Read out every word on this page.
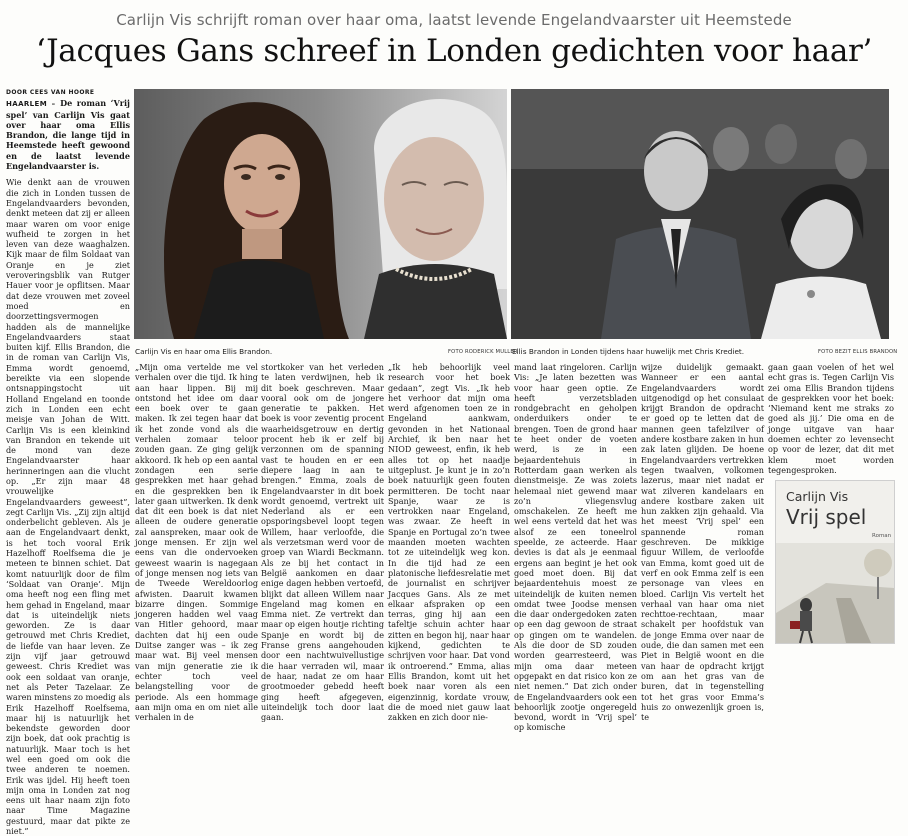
Carlijn Vis schrijft roman over haar oma, laatst levende Engelandvaarster uit Heemstede
‘Jacques Gans schreef in Londen gedichten voor haar’
DOOR CEES VAN HOORE

HAARLEM – De roman ‘Vrij spel’ van Carlijn Vis gaat over haar oma Ellis Brandon, die lange tijd in Heemstede heeft gewoond en de laatst levende Engelandvaarster is.

Wie denkt aan de vrouwen die zich in Londen tussen de Engelandvaarders bevonden, denkt meteen dat zij er alleen maar waren om voor enige wufheid te zorgen in het leven van deze waaghalzen. Kijk maar de film Soldaat van Oranje en je ziet veroveringsblik van Rutger Hauer voor je opflitsen. Maar dat deze vrouwen met zoveel moed en doorzettingsvermogen hadden als de mannelijke Engelandvaarders staat buiten kijf. Ellis Brandon, die in de roman van Carlijn Vis, Emma wordt genoemd, bereikte via een slopende ontsnappingstocht uit Holland Engeland en toonde zich in Londen een echt meisje van Johan de Witt. Carlijn Vis is een kleinkind van Brandon en tekende uit de mond van deze Engelandvaarster haar herinneringen aan die vlucht op. „Er zijn maar 48 vrouwelijke Engelandvaarders geweest”, zegt Carlijn Vis. „Zij zijn altijd onderbelicht gebleven. Als je aan de Engelandvaart denkt, is het toch vooral Erik Hazelhoff Roelfsema die je meteen te binnen schiet. Dat komt natuurlijk door de film ‘Soldaat van Oranje’. Mijn oma heeft nog een fling met hem gehad in Engeland, maar dat is uiteindelijk niets geworden. Ze is daar getrouwd met Chris Krediet, de liefde van haar leven. Ze zijn vijf jaar getrouwd geweest. Chris Krediet was ook een soldaat van oranje, net als Peter Tazelaar. Ze waren minstens zo moedig als Erik Hazelhoff Roelfsema, maar hij is natuurlijk het bekendste geworden door zijn boek, dat ook prachtig is natuurlijk. Maar toch is het wel een goed om ook die twee anderen te noemen. Erik was ijdel. Hij heeft toen mijn oma in Londen zat nog eens uit haar naam zijn foto naar Time Magazine gestuurd, maar dat pikte ze niet.”

Carlijn Vis en haar oma Ellis Brandon.	FOTO RODERICK MULLER
Ellis Brandon in Londen tijdens haar huwelijk met Chris Krediet.	FOTO BEZIT ELLIS BRANDON

„Mijn oma vertelde me vel verhalen over die tijd. Ik hing aan haar lippen. Bij mij ontstond het idee om daar een boek over te gaan maken. Ik zei tegen haar dat ik het zonde vond als die verhalen zomaar teloor zouden gaan. Ze ging gelijk akkoord. Ik heb op een aantal zondagen een serie gesprekken met haar gehad en die gesprekken ben ik later gaan uitwerken. Ik denk dat dit een boek is dat niet alleen de oudere generatie zal aanspreken, maar ook de jonge mensen. Er zijn wel eens van die ondervoeken geweest waarin is nagegaan of jonge mensen nog iets van de Tweede Wereldoorlog afwisten. Daaruit kwamen bizarre dingen. Sommige jongeren hadden wel vaag van Hitler gehoord, maar dachten dat hij een oude Duitse zanger was – ik zeg maar wat. Bij veel mensen van mijn generatie zie ik echter toch veel belangstelling voor de periode. Als een hommage aan mijn oma en om niet alle verhalen in de

stortkoker van het verleden te laten verdwijnen, heb ik dit boek geschreven. Maar vooral ook om de jongere generatie te pakken. Het boek is voor zeventig procent waarheidsgetrouw en dertig procent heb ik er zelf bij verzonnen om de spanning vast te houden en er een diepere laag in aan te brengen.” Emma, zoals de Engelandvaarster in dit boek wordt genoemd, vertrekt uit Nederland als er een opsporingsbevel loopt tegen Willem, haar verloofde, die als verzetsman werd voor de groep van Wiardi Beckmann. Als ze bij het contact in België aankomen en daar enige dagen hebben vertoefd, blijkt dat alleen Willem naar Engeland mag komen en Emma niet. Ze vertrekt dan maar op eigen houtje richting Spanje en wordt bij de Franse grens aangehouden door een nachtwuivellustige die haar verraden wil, maar de haar, nadat ze om haar grootmoeder gebedd heeft ging heeft afgegeven, uiteindelijk toch door laat gaan.

„Ik heb behoorlijk veel research voor het boek gedaan”, zegt Vis. „Ik heb het verhoor dat mijn oma werd afgenomen toen ze in Engeland aankwam, gevonden in het Nationaal Archief, ik ben naar het NIOD geweest, enfin, ik heb alles tot op het naadje uitgeplust. Je kunt je in zo’n boek natuurlijk geen fouten permitteren. De tocht naar Spanje, waar ze is vertrokken naar Engeland, was zwaar. Ze heeft in Spanje en Portugal zo’n twee maanden moeten wachten tot ze uiteindelijk weg kon. In die tijd had ze een platonische liefdesrelatie met de journalist en schrijver Jacques Gans. Als ze met elkaar afspraken op een terras, ging hij aan een tafeltje schuin achter haar zitten en begon hij, naar haar kijkend, gedichten te schrijven voor haar. Dat vond ik ontroerend.” Emma, alias Ellis Brandon, komt uit het boek naar voren als een eigenzinnig, kordate vrouw, die de moed niet gauw laat zakken en zich door nie-

mand laat ringeloren. Carlijn Vis: „Je laten bezetten was voor haar geen optie. Ze heeft verzetsbladen rondgebracht en geholpen onderduikers onder te brengen. Toen de grond haar te heet onder de voeten werd, is ze in een bejaardentehuis in Rotterdam gaan werken als dienstmeisje. Ze was zoiets helemaal niet gewend maar zo’n vliegensvlug omschakelen. Ze heeft me wel eens verteld dat het was alsof ze een toneelrol speelde, ze acteerde. Haar devies is dat als je eenmaal ergens aan begint je het ook goed moet doen. Bij dat bejaardentehuis moest ze uiteindelijk de kuiten nemen omdat twee Joodse mensen die daar ondergedoken zaten op een dag gewoon de straat op gingen om te wandelen. Als die door de SD zouden worden gearresteerd, was mijn oma daar meteen opgepakt en dat risico kon ze niet nemen.” Dat zich onder de Engelandvaarders ook een behoorlijk zootje ongeregeld bevond, wordt in ‘Vrij spel’ op komische

wijze duidelijk gemaakt. Wanneer er een aantal Engelandvaarders wordt uitgenodigd op het consulaat krijgt Brandon de opdracht er goed op te letten dat de mannen geen tafelzilver of andere kostbare zaken in hun zak laten glijden. De hoene Engelandvaarders vertrekken tegen twaalven, volkomen lazerus, maar niet nadat er wat zilveren kandelaars en andere kostbare zaken uit hun zakken zijn gehaald. Via het meest ‘Vrij spel’ een spannende roman geschreven. De mikkige figuur Willem, de verloofde van Emma, komt goed uit de verf en ook Emma zelf is een personage van vlees en bloed. Carlijn Vis vertelt het verhaal van haar oma niet rechttoe-rechtaan, maar schakelt per hoofdstuk van de jonge Emma over naar de oude, die dan samen met een Piet in België woont en die van haar de opdracht krijgt om aan het gras van de buren, dat in tegenstelling tot het gras voor Emma’s huis zo onwezenlijk groen is, te

gaan gaan voelen of het wel echt gras is. Tegen Carlijn Vis zei oma Ellis Brandon tijdens de gesprekken voor het boek: ‘Niemand kent me straks zo goed als jij.’ Die oma en de jonge uitgave van haar doemen echter zo levensecht op voor de lezer, dat dit met klem moet worden tegengesproken.

Carlijn Vis
Vrij spel
Roman
